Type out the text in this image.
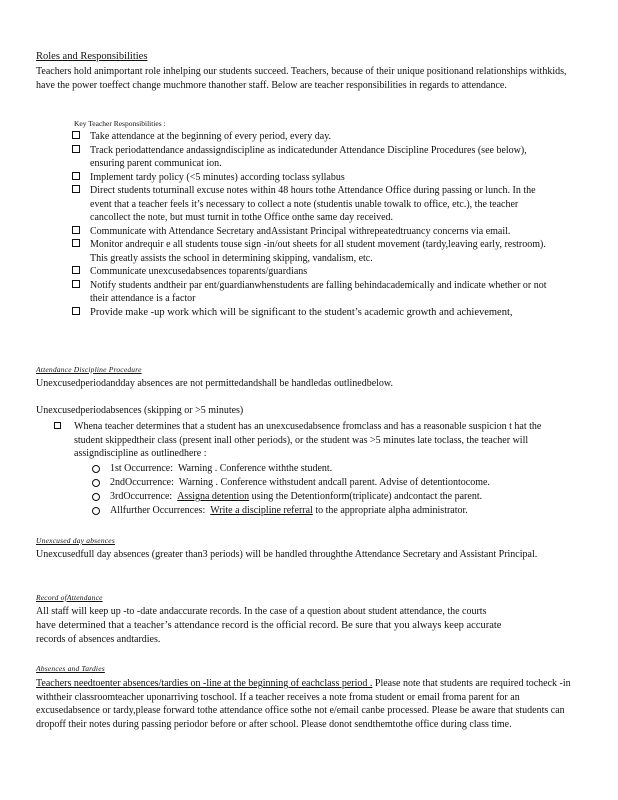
Roles and Responsibilities
Teachers hold animportant role inhelping our students succeed. Teachers, because of their unique positionand relationships withkids, have the power toeffect change muchmore thanother staff. Below are teacher responsibilities in regards to attendance.
Key Teacher Responsibilities :
Take attendance at the beginning of every period, every day.
Track periodattendance andassigndiscipline as indicatedunder Attendance Discipline Procedures (see below), ensuring parent communicat ion.
Implement tardy policy (<5 minutes) according toclass syllabus
Direct students toturninall excuse notes within 48 hours tothe Attendance Office during passing or lunch. In the event that a teacher feels it’s necessary to collect a note (studentis unable towalk to office, etc.), the teacher cancollect the note, but must turnit in tothe Office onthe same day received.
Communicate with Attendance Secretary andAssistant Principal withrepeatedtruancy concerns via email.
Monitor andrequir e all students touse sign -in/out sheets for all student movement (tardy,leaving early, restroom). This greatly assists the school in determining skipping, vandalism, etc.
Communicate unexcusedabsences toparents/guardians
Notify students andtheir par ent/guardianwhenstudents are falling behindacademically and indicate whether or not their attendance is a factor
Provide make -up work which will be significant to the student’s academic growth and achievement,
Attendance Discipline Procedure
Unexcusedperiodandday absences are not permittedandshall be handledas outlinedbelow.
Unexcusedperiodabsences (skipping or >5 minutes)
Whena teacher determines that a student has an unexcusedabsence fromclass and has a reasonable suspicion t hat the student skippedtheir class (present inall other periods), or the student was >5 minutes late toclass, the teacher will assigndiscipline as outlinedhere :
1st Occurrence: Warning . Conference withthe student.
2ndOccurrence: Warning . Conference withstudent andcall parent. Advise of detentiontocome.
3rdOccurrence: Assigna detention using the Detentionform(triplicate) andcontact the parent.
Allfurther Occurrences: Write a discipline referral to the appropriate alpha administrator.
Unexcused day absences
Unexcusedfull day absences (greater than3 periods) will be handled throughthe Attendance Secretary and Assistant Principal.
Record ofAttendance
All staff will keep up -to -date andaccurate records. In the case of a question about student attendance, the courts
have determined that a teacher’s attendance record is the official record. Be sure that you always keep accurate
records of absences andtardies.
Absences and Tardies
Teachers needtoenter absences/tardies on -line at the beginning of eachclass period . Please note that students are required tocheck -in withtheir classroomteacher uponarriving toschool. If a teacher receives a note froma student or email froma parent for an excusedabsence or tardy,please forward tothe attendance office sothe not e/email canbe processed. Please be aware that students can dropoff their notes during passing periodor before or after school. Please donot sendthemtothe office during class time.
